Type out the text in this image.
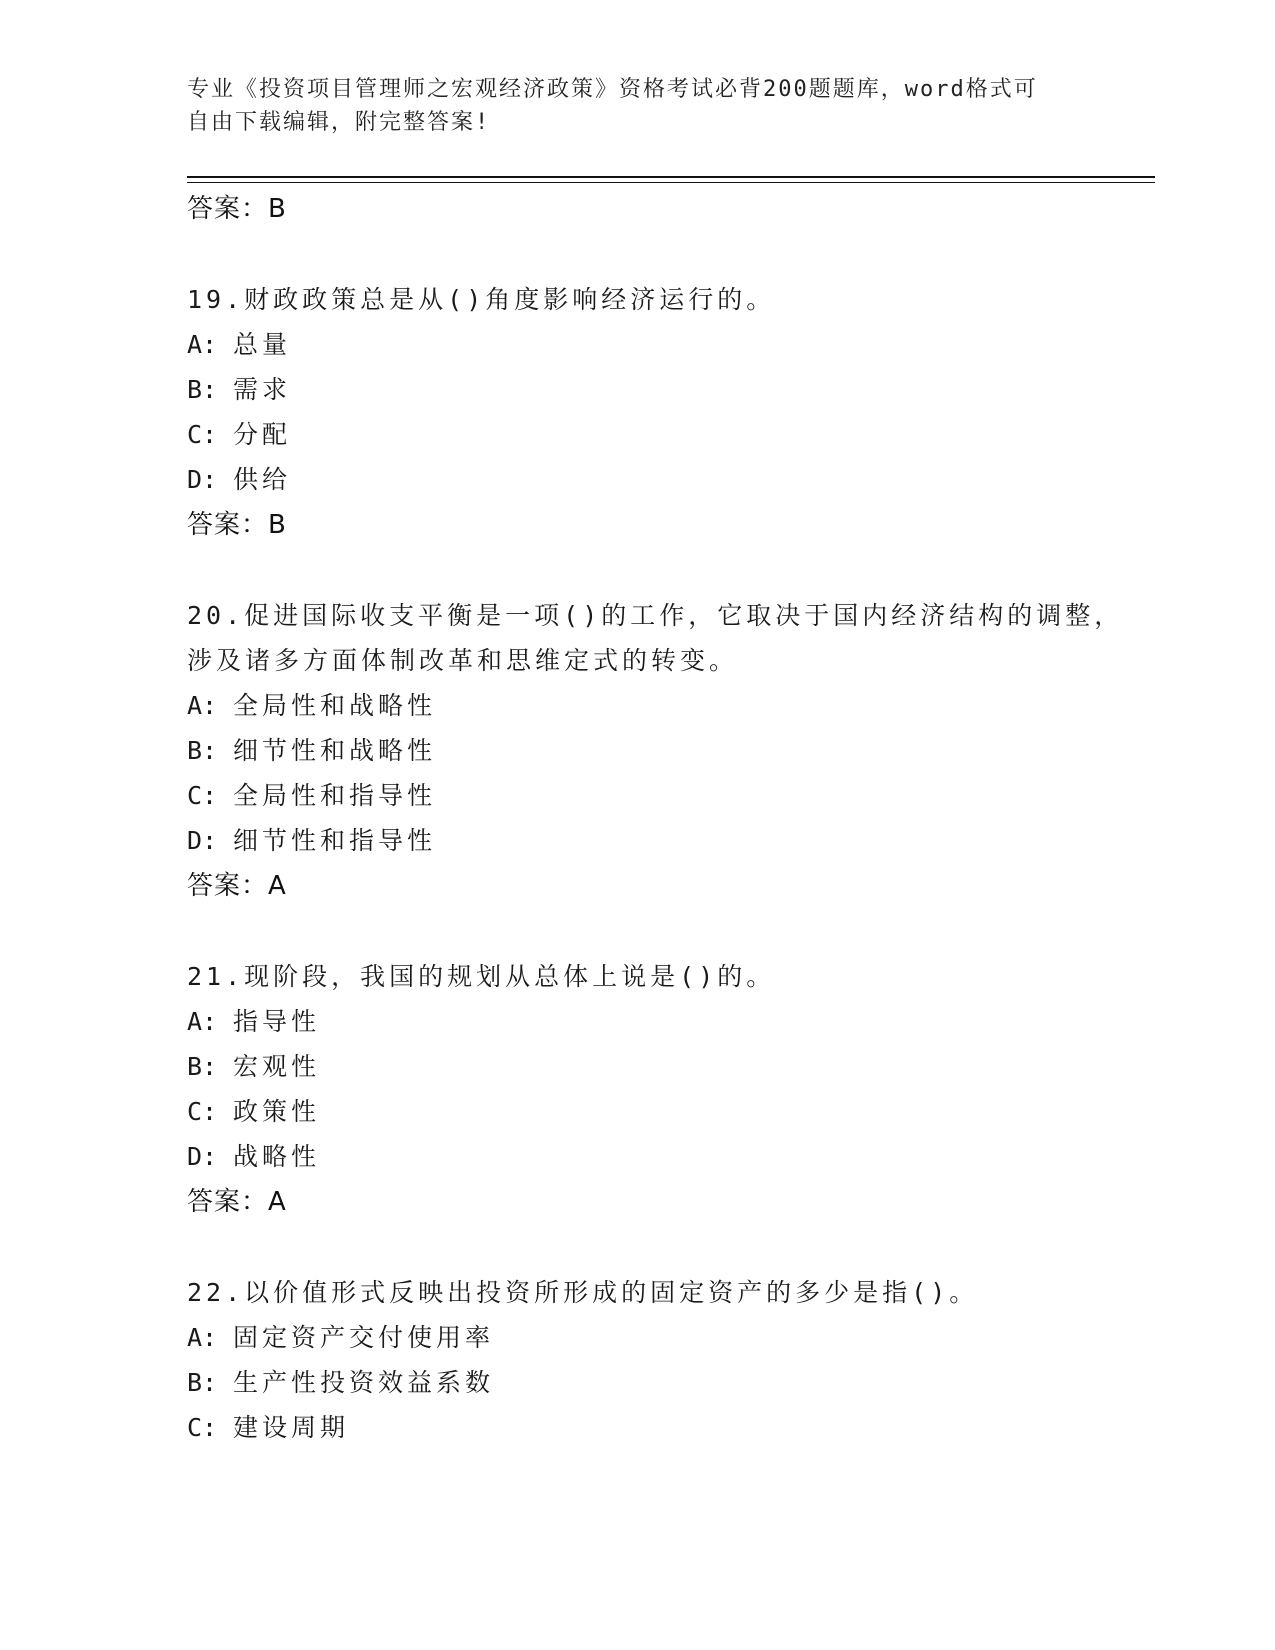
专业《投资项目管理师之宏观经济政策》资格考试必背200题题库，word格式可
自由下载编辑，附完整答案!
答案：B
19.财政政策总是从()角度影响经济运行的。
A: 总量
B: 需求
C: 分配
D: 供给
答案：B
20.促进国际收支平衡是一项()的工作，它取决于国内经济结构的调整，涉及诸多方面体制改革和思维定式的转变。
A: 全局性和战略性
B: 细节性和战略性
C: 全局性和指导性
D: 细节性和指导性
答案：A
21.现阶段，我国的规划从总体上说是()的。
A: 指导性
B: 宏观性
C: 政策性
D: 战略性
答案：A
22.以价值形式反映出投资所形成的固定资产的多少是指()。
A: 固定资产交付使用率
B: 生产性投资效益系数
C: 建设周期
